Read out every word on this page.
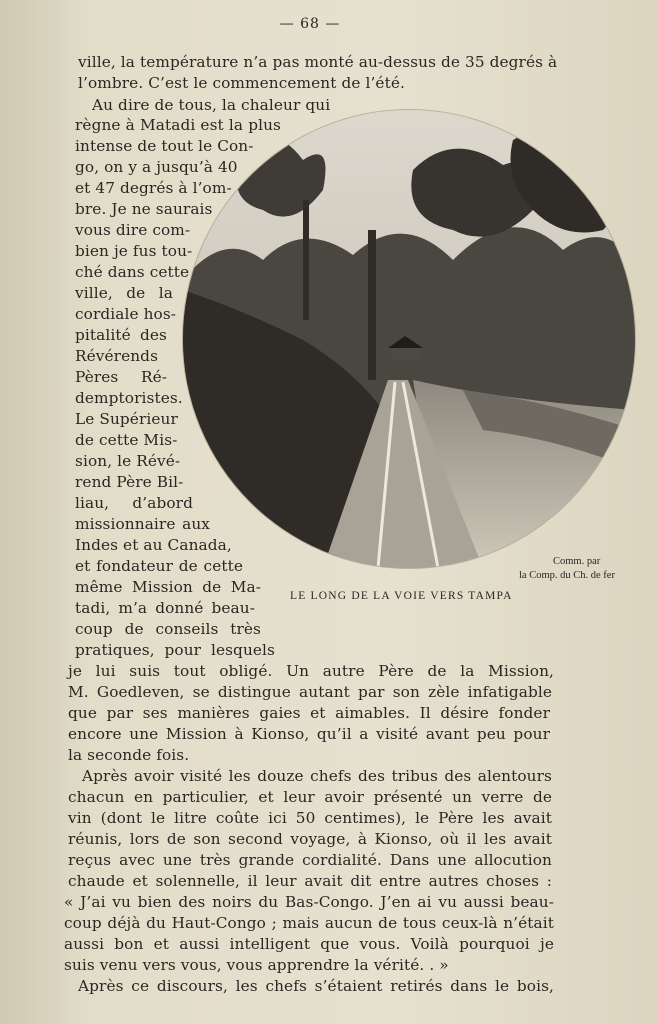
— 68 —
Comm. par
la Comp. du Ch. de fer
LE LONG DE LA VOIE VERS TAMPA
ville, la température n’a pas monté au-dessus de 35 degrés à
l’ombre. C’est le commencement de l’été.
Au dire de tous, la chaleur qui
règne à Matadi est la plus
intense de tout le Con-
go, on y a jusqu’à 40
et 47 degrés à l’om-
bre. Je ne saurais
vous dire com-
bien je fus tou-
ché dans cette
ville, de la
cordiale hos-
pitalité des
Révérends
Pères Ré-
demptoristes.
Le Supérieur
de cette Mis-
sion, le Révé-
rend Père Bil-
liau, d’abord
missionnaire aux
Indes et au Canada,
et fondateur de cette
même Mission de Ma-
tadi, m’a donné beau-
coup de conseils très
pratiques, pour lesquels
je lui suis tout obligé. Un autre Père de la Mission,
M. Goedleven, se distingue autant par son zèle infatigable
que par ses manières gaies et aimables. Il désire fonder
encore une Mission à Kionso, qu’il a visité avant peu pour
la seconde fois.
Après avoir visité les douze chefs des tribus des alentours
chacun en particulier, et leur avoir présenté un verre de
vin (dont le litre coûte ici 50 centimes), le Père les avait
réunis, lors de son second voyage, à Kionso, où il les avait
reçus avec une très grande cordialité. Dans une allocution
chaude et solennelle, il leur avait dit entre autres choses :
« J’ai vu bien des noirs du Bas-Congo. J’en ai vu aussi beau-
coup déjà du Haut-Congo ; mais aucun de tous ceux-là n’était
aussi bon et aussi intelligent que vous. Voilà pourquoi je
suis venu vers vous, vous apprendre la vérité. . »
Après ce discours, les chefs s’étaient retirés dans le bois,
